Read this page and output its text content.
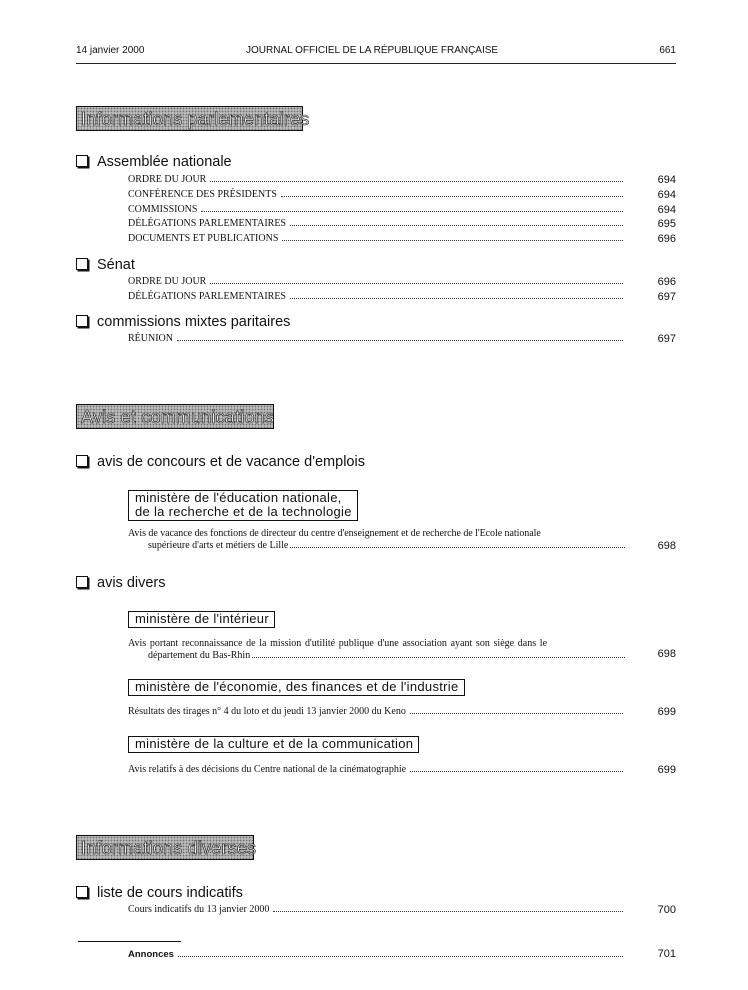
14 janvier 2000	JOURNAL OFFICIEL DE LA RÉPUBLIQUE FRANÇAISE	661
Informations parlementaires
Assemblée nationale
ORDRE DU JOUR	694
CONFÉRENCE DES PRÉSIDENTS	694
COMMISSIONS	694
DÉLÉGATIONS PARLEMENTAIRES	695
DOCUMENTS ET PUBLICATIONS	696
Sénat
ORDRE DU JOUR	696
DÉLÉGATIONS PARLEMENTAIRES	697
commissions mixtes paritaires
RÉUNION	697
Avis et communications
avis de concours et de vacance d'emplois
ministère de l'éducation nationale,
de la recherche et de la technologie
Avis de vacance des fonctions de directeur du centre d'enseignement et de recherche de l'Ecole nationale
supérieure d'arts et métiers de Lille	698
avis divers
ministère de l'intérieur
Avis portant reconnaissance de la mission d'utilité publique d'une association ayant son siège dans le
département du Bas-Rhin	698
ministère de l'économie, des finances et de l'industrie
Résultats des tirages n° 4 du loto et du jeudi 13 janvier 2000 du Keno	699
ministère de la culture et de la communication
Avis relatifs à des décisions du Centre national de la cinématographie	699
Informations diverses
liste de cours indicatifs
Cours indicatifs du 13 janvier 2000	700
Annonces	701
